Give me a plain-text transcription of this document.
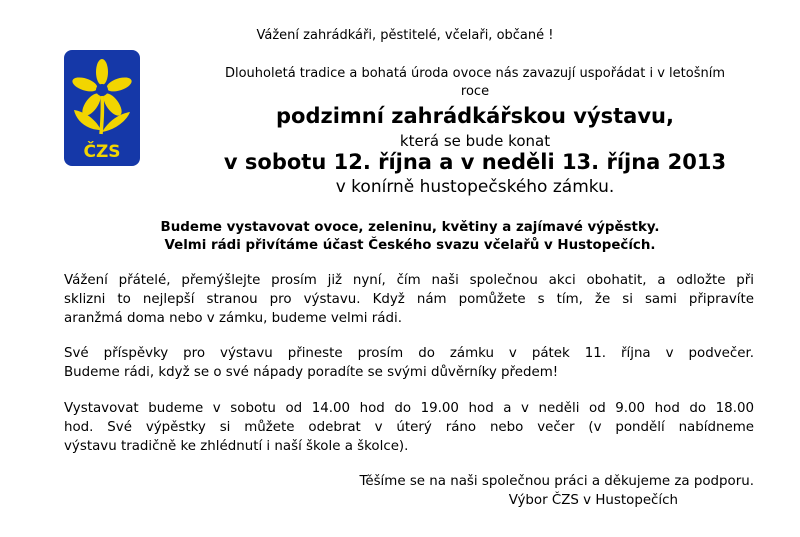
Vážení zahrádkáři, pěstitelé, včelaři, občané !
ČZS
Dlouholetá tradice a bohatá úroda ovoce nás zavazují uspořádat i v letošním
roce
podzimní zahrádkářskou výstavu,
která se bude konat
v sobotu 12. října a v neděli 13. října 2013
v konírně hustopečského zámku.
Budeme vystavovat ovoce, zeleninu, květiny a zajímavé výpěstky.
Velmi rádi přivítáme účast Českého svazu včelařů v Hustopečích.
Vážení přátelé, přemýšlejte prosím již nyní, čím naši společnou akci obohatit, a odložte při
sklizni to nejlepší stranou pro výstavu. Když nám pomůžete s tím, že si sami připravíte
aranžmá doma nebo v zámku, budeme velmi rádi.
Své příspěvky pro výstavu přineste prosím do zámku v pátek 11. října v podvečer.
Budeme rádi, když se o své nápady poradíte se svými důvěrníky předem!
Vystavovat budeme v sobotu od 14.00 hod do 19.00 hod a v neděli od 9.00 hod do 18.00
hod. Své výpěstky si můžete odebrat v úterý ráno nebo večer (v pondělí nabídneme
výstavu tradičně ke zhlédnutí i naší škole a školce).
Těšíme se na naši společnou práci a děkujeme za podporu.
Výbor ČZS v Hustopečích
